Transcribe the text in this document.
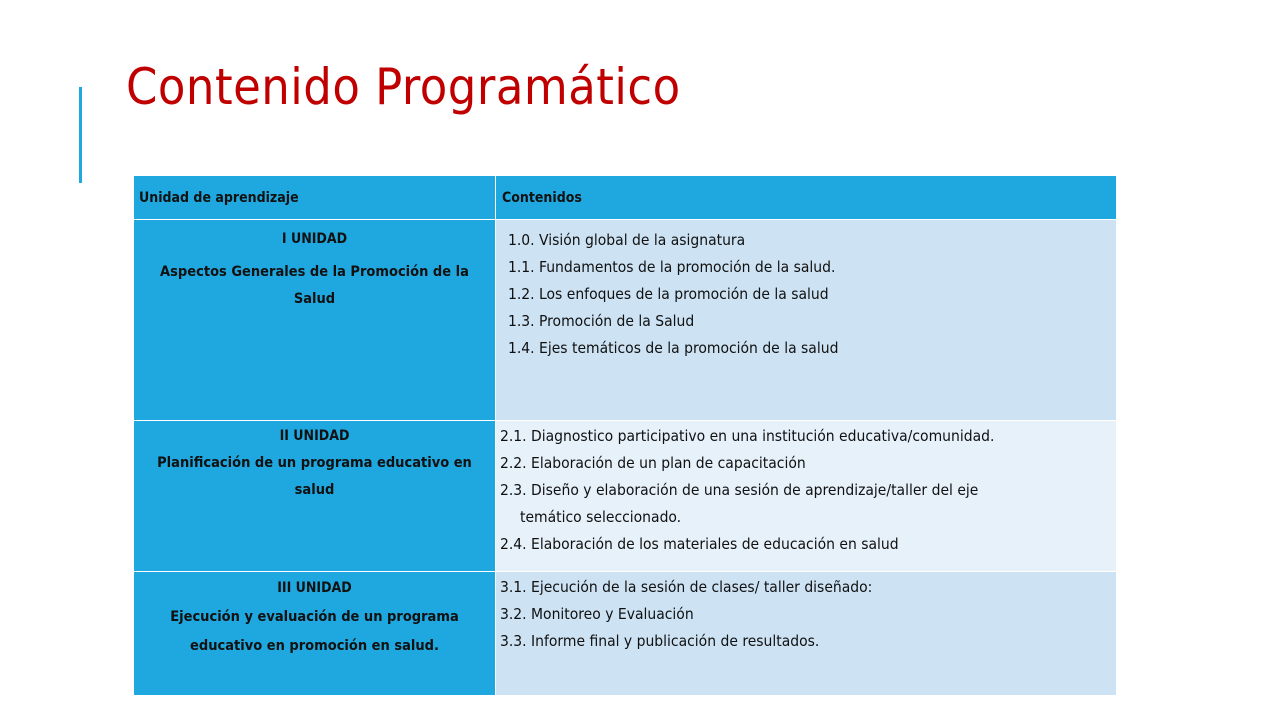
Contenido Programático
Unidad de aprendizaje	Contenidos

I UNIDAD
Aspectos Generales de la Promoción de la Salud	1.0. Visión global de la asignatura
1.1. Fundamentos de la promoción de la salud.
1.2. Los enfoques de la promoción de la salud
1.3. Promoción de la Salud
1.4. Ejes temáticos de la promoción de la salud

II UNIDAD
Planificación de un programa educativo en salud	2.1. Diagnostico participativo en una institución educativa/comunidad.
2.2. Elaboración de un plan de capacitación
2.3. Diseño y elaboración de una sesión de aprendizaje/taller del eje
temático seleccionado.
2.4. Elaboración de los materiales de educación en salud

III UNIDAD
Ejecución y evaluación de un programa educativo en promoción en salud.	3.1. Ejecución de la sesión de clases/ taller diseñado:
3.2. Monitoreo y Evaluación
3.3. Informe final y publicación de resultados.
